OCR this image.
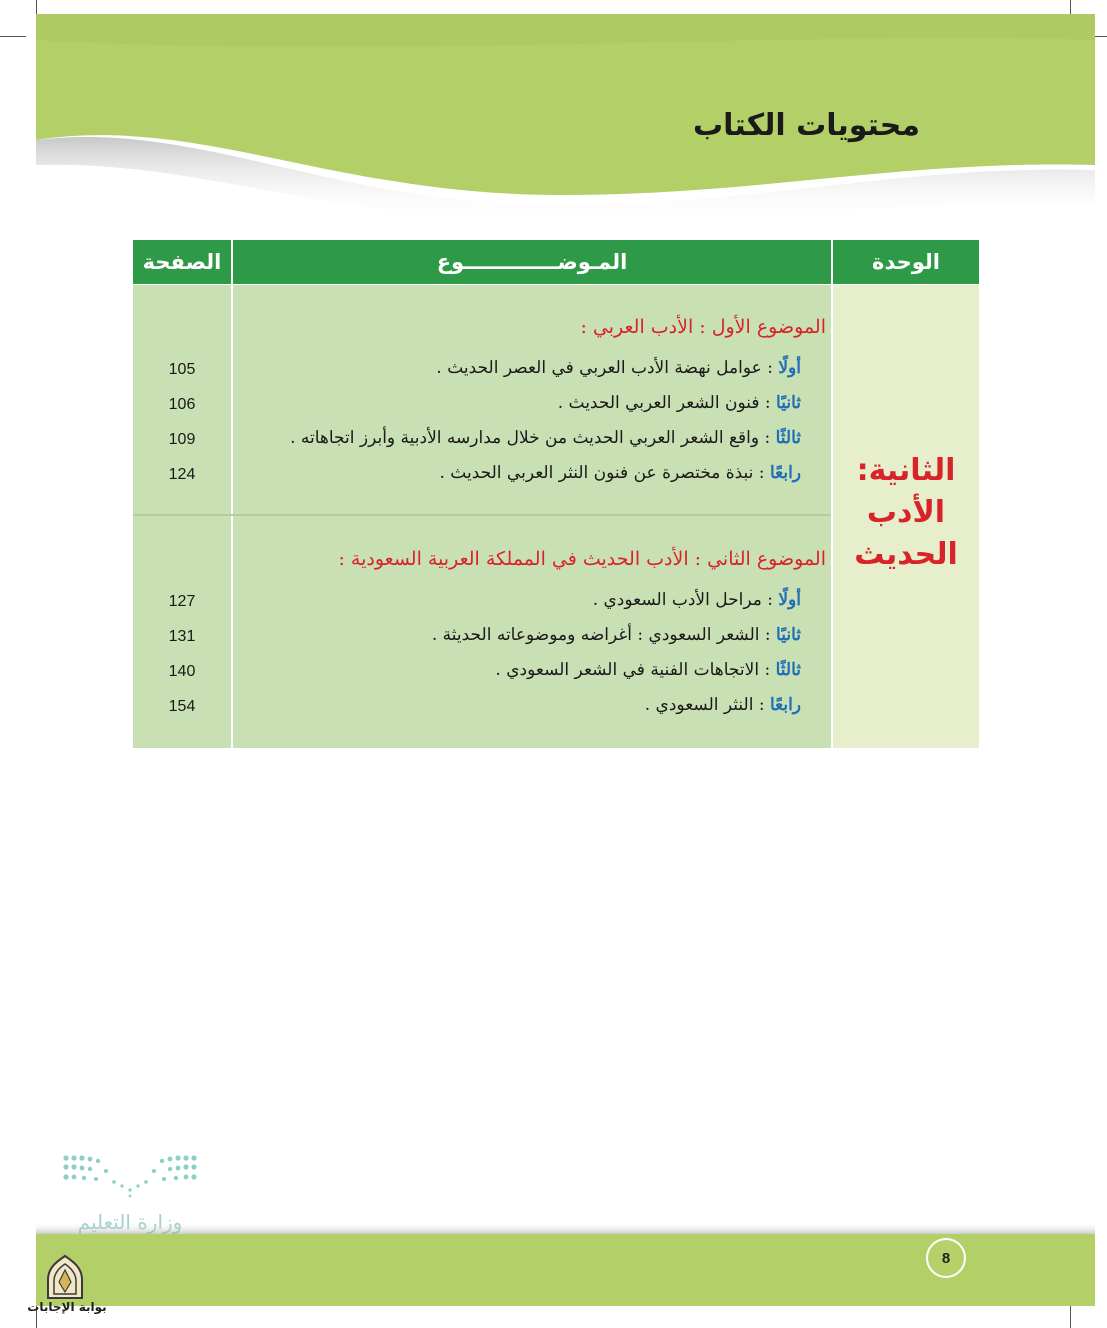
محتويات الكتاب
الوحدة
المـوضـــــــــــــوع
الصفحة
الثانية:
الأدب
الحديث
الموضوع الأول : الأدب العربي :
أولًا : عوامل نهضة الأدب العربي في العصر الحديث .
105
ثانيًا : فنون الشعر العربي الحديث .
106
ثالثًا : واقع الشعر العربي الحديث من خلال مدارسه الأدبية وأبرز اتجاهاته .
109
رابعًا : نبذة مختصرة عن فنون النثر العربي الحديث .
124
الموضوع الثاني : الأدب الحديث في المملكة العربية السعودية :
أولًا : مراحل الأدب السعودي .
127
ثانيًا : الشعر السعودي : أغراضه وموضوعاته الحديثة .
131
ثالثًا : الاتجاهات الفنية في الشعر السعودي .
140
رابعًا : النثر السعودي .
154
8
بوابة الإجابات
